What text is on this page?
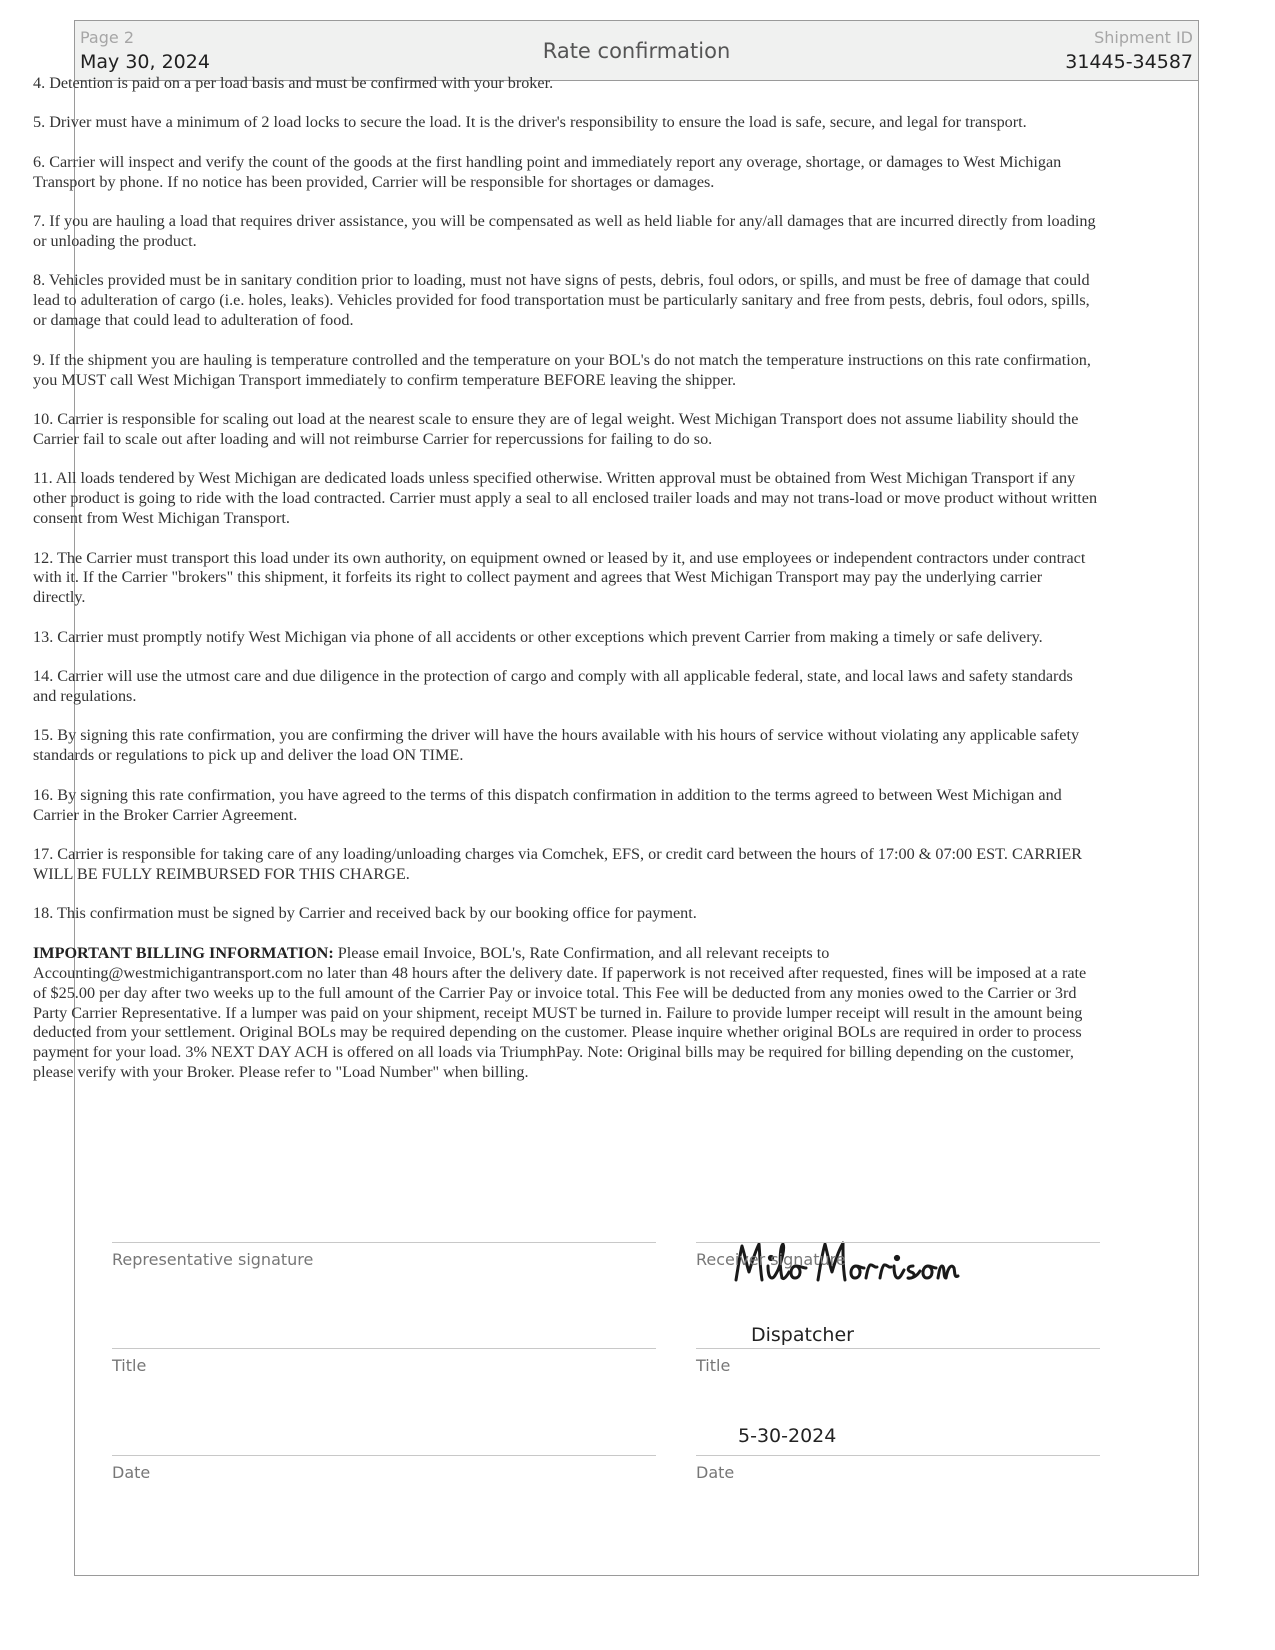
Page 2
May 30, 2024	Rate confirmation
Shipment ID
31445-34587

4. Detention is paid on a per load basis and must be confirmed with your broker.

5. Driver must have a minimum of 2 load locks to secure the load. It is the driver's responsibility to ensure the load is safe, secure, and legal for transport.

6. Carrier will inspect and verify the count of the goods at the first handling point and immediately report any overage, shortage, or damages to West Michigan Transport by phone. If no notice has been provided, Carrier will be responsible for shortages or damages.

7. If you are hauling a load that requires driver assistance, you will be compensated as well as held liable for any/all damages that are incurred directly from loading or unloading the product.

8. Vehicles provided must be in sanitary condition prior to loading, must not have signs of pests, debris, foul odors, or spills, and must be free of damage that could lead to adulteration of cargo (i.e. holes, leaks). Vehicles provided for food transportation must be particularly sanitary and free from pests, debris, foul odors, spills, or damage that could lead to adulteration of food.

9. If the shipment you are hauling is temperature controlled and the temperature on your BOL's do not match the temperature instructions on this rate confirmation, you MUST call West Michigan Transport immediately to confirm temperature BEFORE leaving the shipper.

10. Carrier is responsible for scaling out load at the nearest scale to ensure they are of legal weight. West Michigan Transport does not assume liability should the Carrier fail to scale out after loading and will not reimburse Carrier for repercussions for failing to do so.

11. All loads tendered by West Michigan are dedicated loads unless specified otherwise. Written approval must be obtained from West Michigan Transport if any other product is going to ride with the load contracted. Carrier must apply a seal to all enclosed trailer loads and may not trans-load or move product without written consent from West Michigan Transport.

12. The Carrier must transport this load under its own authority, on equipment owned or leased by it, and use employees or independent contractors under contract with it. If the Carrier "brokers" this shipment, it forfeits its right to collect payment and agrees that West Michigan Transport may pay the underlying carrier directly.

13. Carrier must promptly notify West Michigan via phone of all accidents or other exceptions which prevent Carrier from making a timely or safe delivery.

14. Carrier will use the utmost care and due diligence in the protection of cargo and comply with all applicable federal, state, and local laws and safety standards and regulations.

15. By signing this rate confirmation, you are confirming the driver will have the hours available with his hours of service without violating any applicable safety standards or regulations to pick up and deliver the load ON TIME.

16. By signing this rate confirmation, you have agreed to the terms of this dispatch confirmation in addition to the terms agreed to between West Michigan and Carrier in the Broker Carrier Agreement.

17. Carrier is responsible for taking care of any loading/unloading charges via Comchek, EFS, or credit card between the hours of 17:00 & 07:00 EST. CARRIER WILL BE FULLY REIMBURSED FOR THIS CHARGE.

18. This confirmation must be signed by Carrier and received back by our booking office for payment.

IMPORTANT BILLING INFORMATION: Please email Invoice, BOL's, Rate Confirmation, and all relevant receipts to Accounting@westmichigantransport.com no later than 48 hours after the delivery date. If paperwork is not received after requested, fines will be imposed at a rate of $25.00 per day after two weeks up to the full amount of the Carrier Pay or invoice total. This Fee will be deducted from any monies owed to the Carrier or 3rd Party Carrier Representative. If a lumper was paid on your shipment, receipt MUST be turned in. Failure to provide lumper receipt will result in the amount being deducted from your settlement. Original BOLs may be required depending on the customer. Please inquire whether original BOLs are required in order to process payment for your load. 3% NEXT DAY ACH is offered on all loads via TriumphPay. Note: Original bills may be required for billing depending on the customer, please verify with your Broker. Please refer to "Load Number" when billing.

Representative signature	Receiver signature
Title
Dispatcher
Title
Date
5-30-2024
Date
